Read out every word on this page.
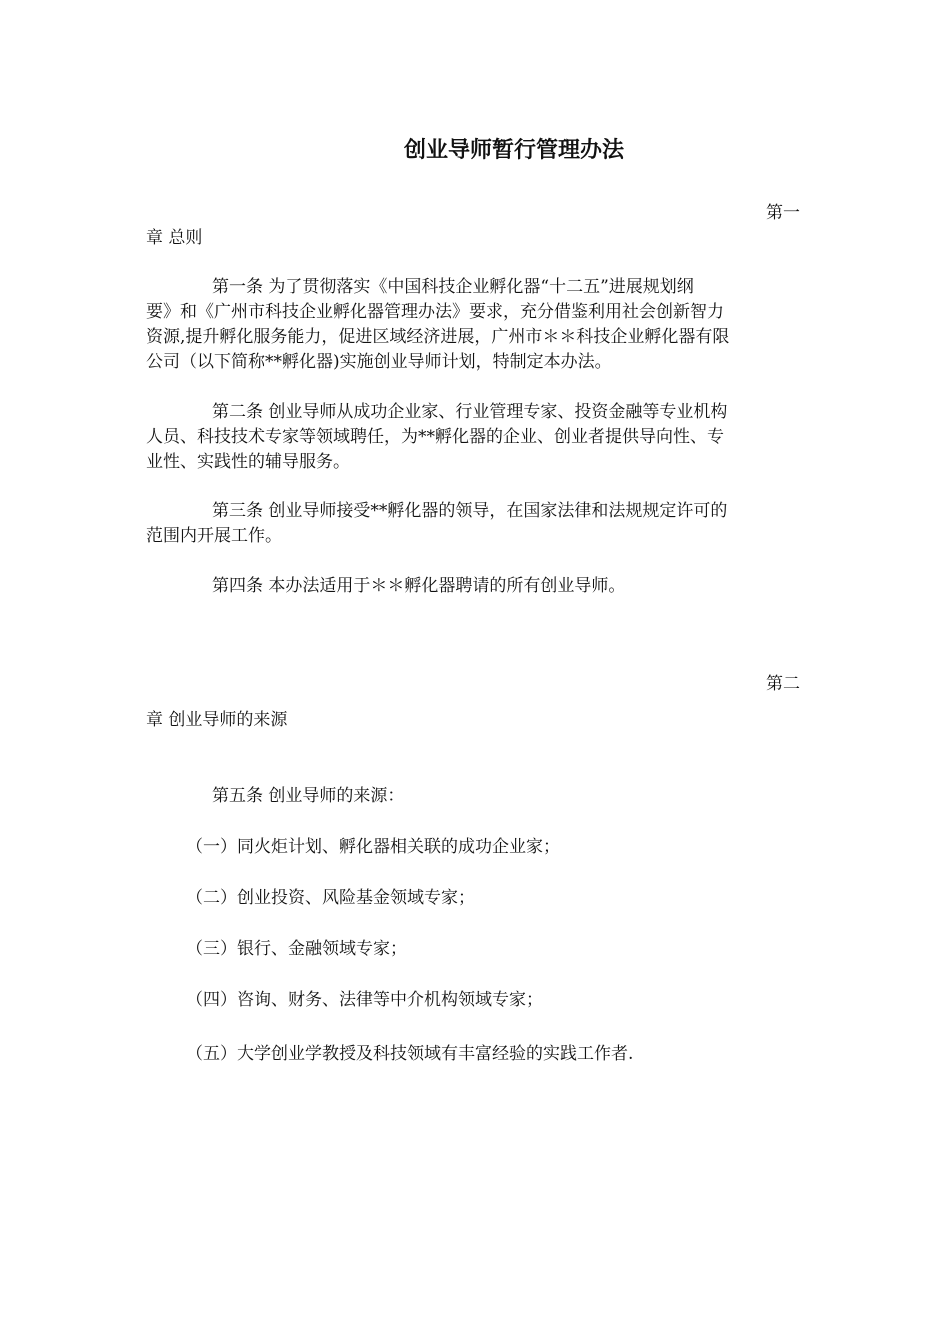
创业导师暂行管理办法
第一
章 总则
第一条 为了贯彻落实《中国科技企业孵化器“十二五”进展规划纲
要》和《广州市科技企业孵化器管理办法》要求，充分借鉴利用社会创新智力
资源,提升孵化服务能力，促进区域经济进展，广州市＊＊科技企业孵化器有限
公司（以下简称**孵化器)实施创业导师计划，特制定本办法。
第二条 创业导师从成功企业家、行业管理专家、投资金融等专业机构
人员、科技技术专家等领域聘任，为**孵化器的企业、创业者提供导向性、专
业性、实践性的辅导服务。
第三条 创业导师接受**孵化器的领导，在国家法律和法规规定许可的
范围内开展工作。
第四条 本办法适用于＊＊孵化器聘请的所有创业导师。
第二
章 创业导师的来源
第五条 创业导师的来源：
（一）同火炬计划、孵化器相关联的成功企业家；
（二）创业投资、风险基金领域专家；
（三）银行、金融领域专家；
（四）咨询、财务、法律等中介机构领域专家；
（五）大学创业学教授及科技领域有丰富经验的实践工作者.
